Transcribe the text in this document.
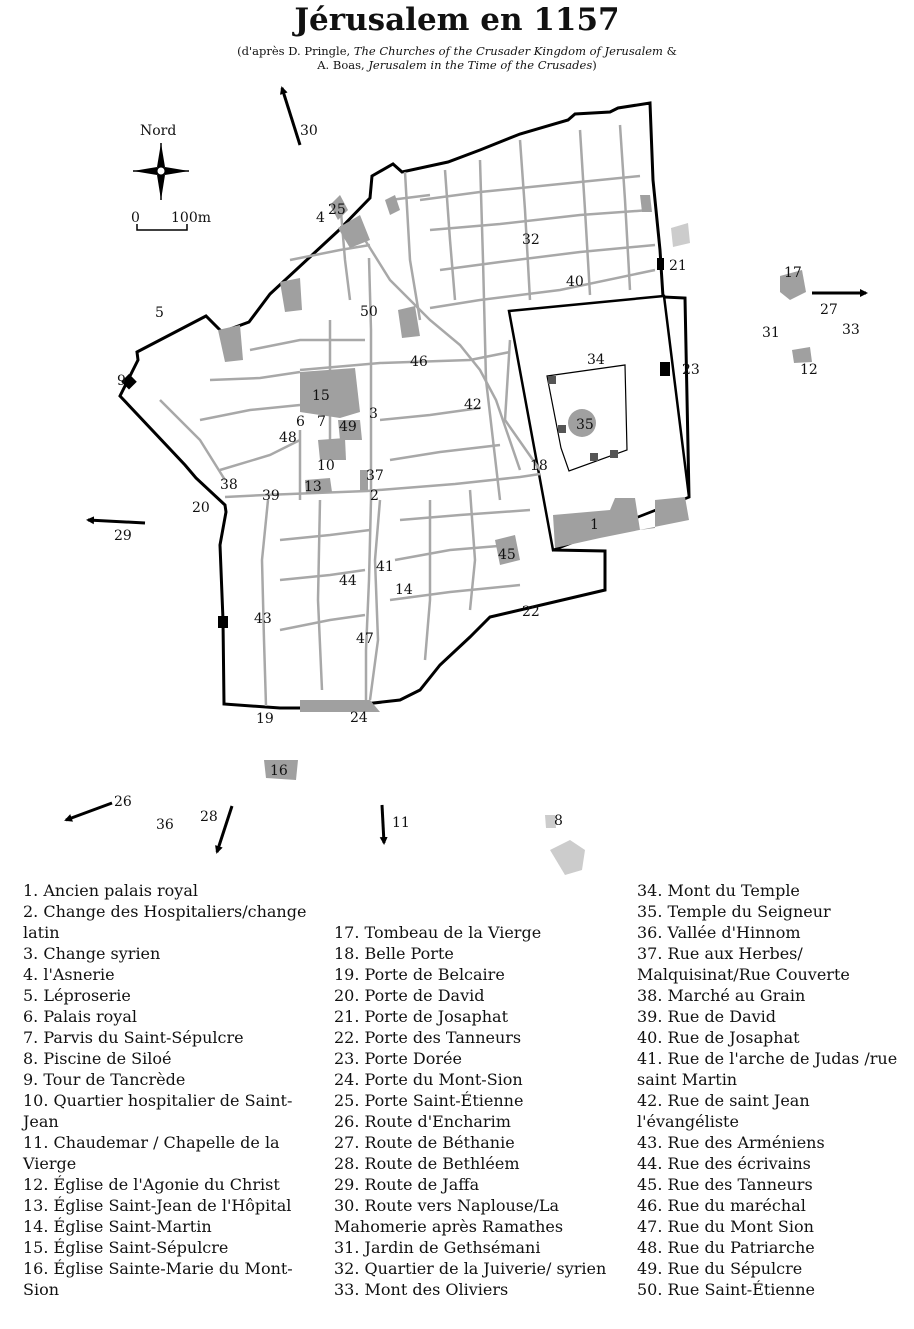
Jérusalem en 1157
(d'après D. Pringle, The Churches of the Crusader Kingdom of Jerusalem & A. Boas, Jerusalem in the Time of the Crusades)
Nord
0 100m
1
2
3
4
5
6 7
8
9
10
11
12
13
14
15
16
17
18
19
20
21
22
23
24
25
26
27
28
29
30
31
32
33
34
35
36
37
38
39
40
41
42
43
44
45
46
47
48
49
50
1. Ancien palais royal
2. Change des Hospitaliers/change latin
3. Change syrien
4. l'Asnerie
5. Léproserie
6. Palais royal
7. Parvis du Saint-Sépulcre
8. Piscine de Siloé
9. Tour de Tancrède
10. Quartier hospitalier de Saint-Jean
11. Chaudemar / Chapelle de la Vierge
12. Église de l'Agonie du Christ
13. Église Saint-Jean de l'Hôpital
14. Église Saint-Martin
15. Église Saint-Sépulcre
16. Église Sainte-Marie du Mont-Sion
17. Tombeau de la Vierge
18. Belle Porte
19. Porte de Belcaire
20. Porte de David
21. Porte de Josaphat
22. Porte des Tanneurs
23. Porte Dorée
24. Porte du Mont-Sion
25. Porte Saint-Étienne
26. Route d'Encharim
27. Route de Béthanie
28. Route de Bethléem
29. Route de Jaffa
30. Route vers Naplouse/La Mahomerie après Ramathes
31. Jardin de Gethsémani
32. Quartier de la Juiverie/ syrien
33. Mont des Oliviers
34. Mont du Temple
35. Temple du Seigneur
36. Vallée d'Hinnom
37. Rue aux Herbes/ Malquisinat/Rue Couverte
38. Marché au Grain
39. Rue de David
40. Rue de Josaphat
41. Rue de l'arche de Judas /rue saint Martin
42. Rue de saint Jean l'évangéliste
43. Rue des Arméniens
44. Rue des écrivains
45. Rue des Tanneurs
46. Rue du maréchal
47. Rue du Mont Sion
48. Rue du Patriarche
49. Rue du Sépulcre
50. Rue Saint-Étienne
